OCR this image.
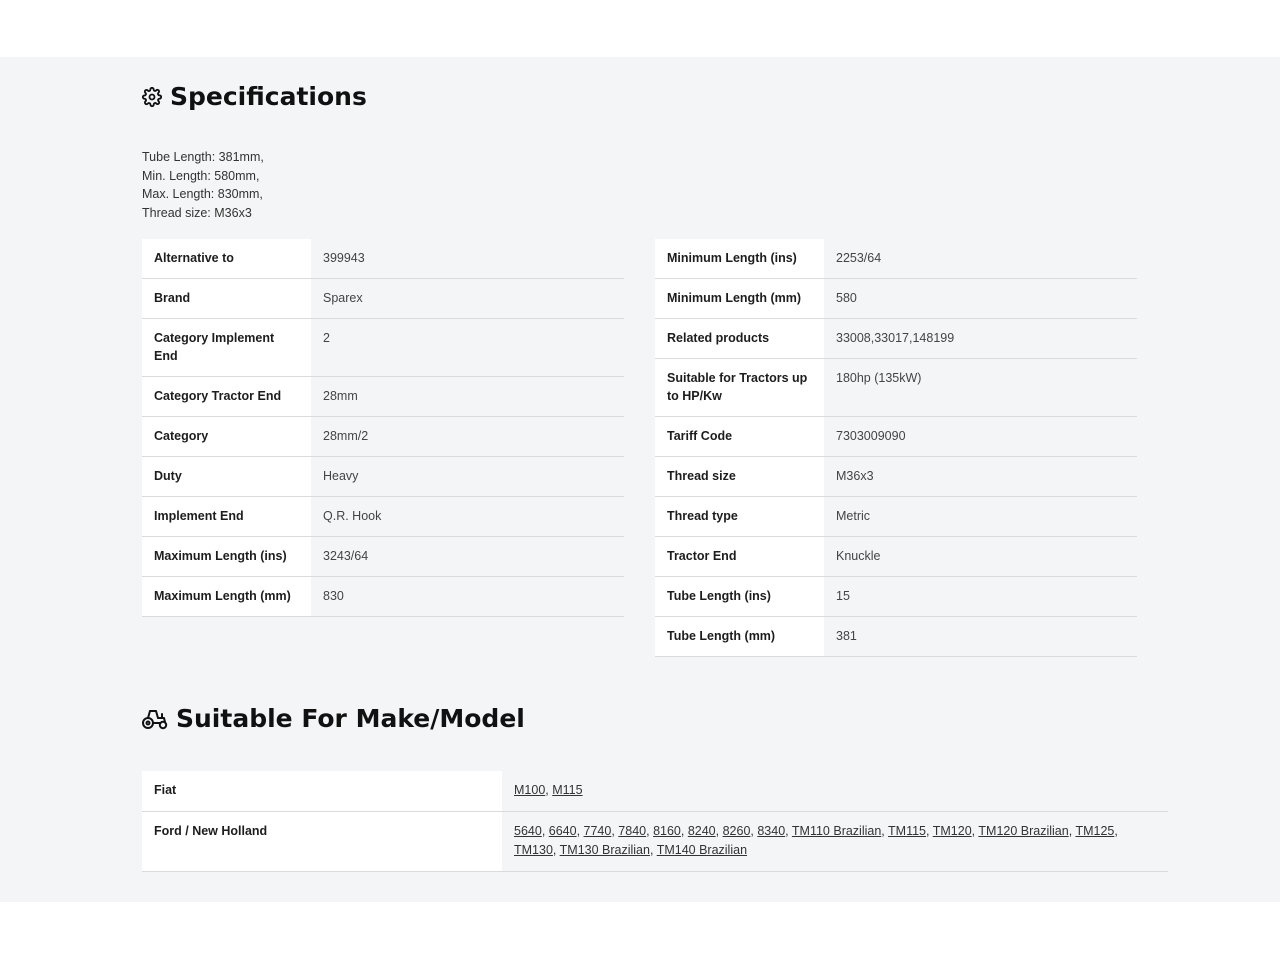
Specifications
Tube Length: 381mm,
Min. Length: 580mm,
Max. Length: 830mm,
Thread size: M36x3
Alternative to	399943
Brand	Sparex
Category Implement End	2
Category Tractor End	28mm
Category	28mm/2
Duty	Heavy
Implement End	Q.R. Hook
Maximum Length (ins)	3243/64
Maximum Length (mm)	830
Minimum Length (ins)	2253/64
Minimum Length (mm)	580
Related products	33008,33017,148199
Suitable for Tractors up to HP/Kw	180hp (135kW)
Tariff Code	7303009090
Thread size	M36x3
Thread type	Metric
Tractor End	Knuckle
Tube Length (ins)	15
Tube Length (mm)	381
Suitable For Make/Model
Fiat	M100, M115
Ford / New Holland	5640, 6640, 7740, 7840, 8160, 8240, 8260, 8340, TM110 Brazilian, TM115, TM120, TM120 Brazilian, TM125, TM130, TM130 Brazilian, TM140 Brazilian
